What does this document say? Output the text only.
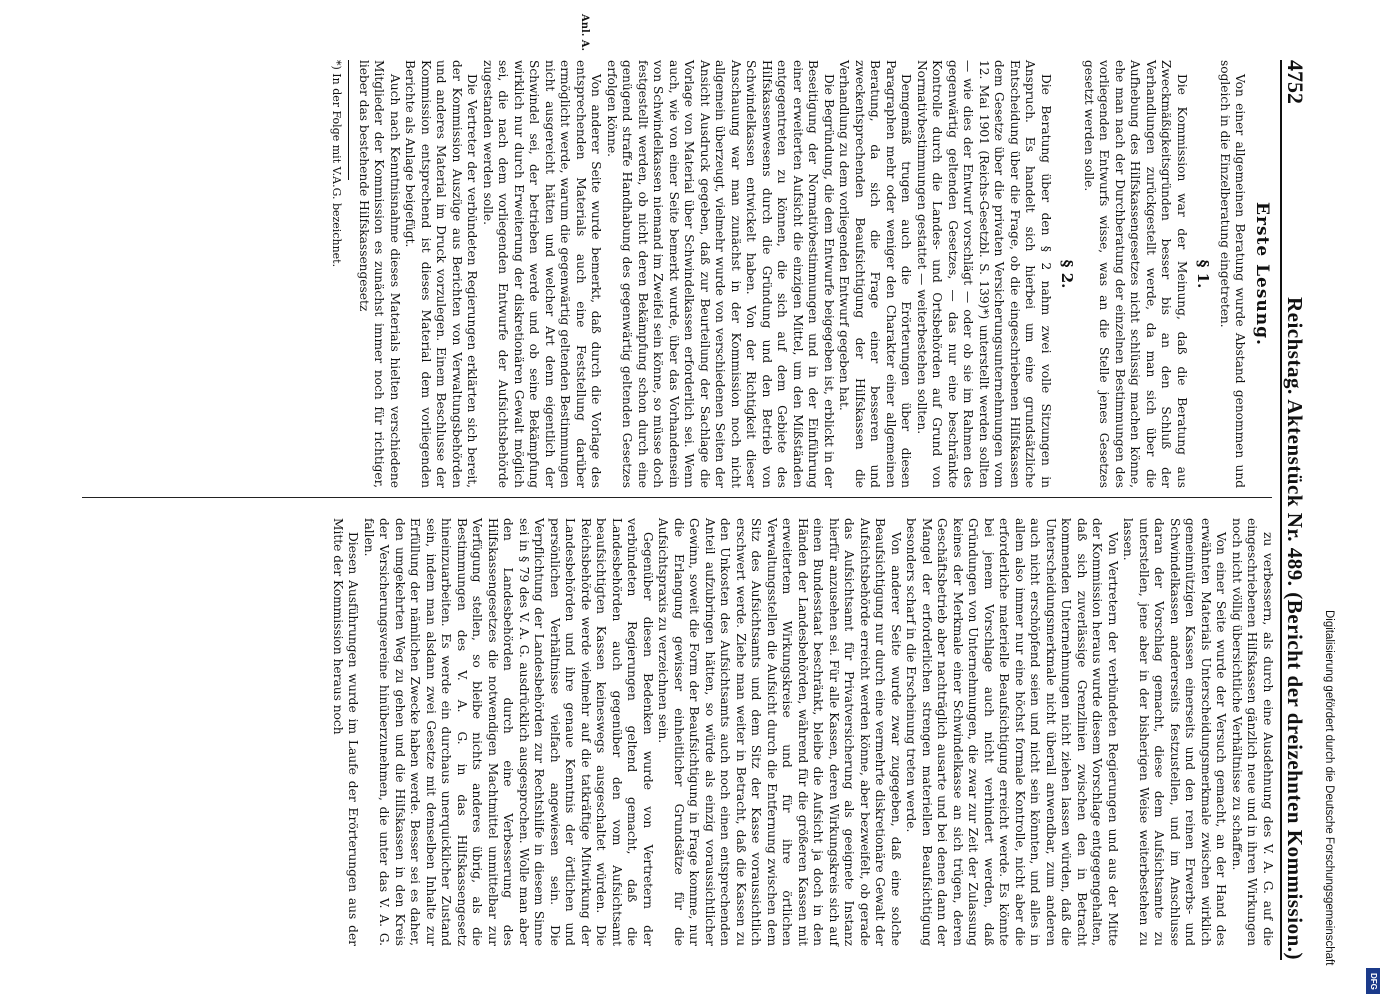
4752
Reichstag. Aktenstück Nr. 489. (Bericht der dreizehnten Kommission.)

Erste Lesung.

Von einer allgemeinen Beratung wurde Abstand genommen und sogleich in die Einzelberatung eingetreten.

§ 1.

Die Kommission war der Meinung, daß die Beratung aus Zweckmäßigkeitsgründen besser bis an den Schluß der Verhandlungen zurückgestellt werde, da man sich über die Aufhebung des Hilfskassengesetzes nicht schlüssig machen könne, ehe man nach der Durchberatung der einzelnen Bestimmungen des vorliegenden Entwurfs wisse, was an die Stelle jenes Gesetzes gesetzt werden solle.

§ 2.

Die Beratung über den § 2 nahm zwei volle Sitzungen in Anspruch. Es handelt sich hierbei um eine grundsätzliche Entscheidung über die Frage, ob die eingeschriebenen Hilfskassen dem Gesetze über die privaten Versicherungsunternehmungen vom 12. Mai 1901 (Reichs-Gesetzbl. S. 139)*) unterstellt werden sollten — wie dies der Entwurf vorschlägt — oder ob sie im Rahmen des gegenwärtig geltenden Gesetzes, — das nur eine beschränkte Kontrolle durch die Landes- und Ortsbehörden auf Grund von Normativbestimmungen gestattet — weiterbestehen sollten.

Demgemäß trugen auch die Erörterungen über diesen Paragraphen mehr oder weniger den Charakter einer allgemeinen Beratung, da sich die Frage einer besseren und zweckentsprechenden Beaufsichtigung der Hilfskassen die Verhandlung zu dem vorliegenden Entwurf gegeben hat.

Die Begründung, die dem Entwurfe beigegeben ist, erblickt in der Beseitigung der Normativbestimmungen und in der Einführung einer erweiterten Aufsicht die einzigen Mittel, um den Mißständen entgegentreten zu können, die sich auf dem Gebiete des Hilfskassenwesens durch die Gründung und den Betrieb von Schwindelkassen entwickelt haben. Von der Richtigkeit dieser Anschauung war man zunächst in der Kommission noch nicht allgemein überzeugt, vielmehr wurde von verschiedenen Seiten der Ansicht Ausdruck gegeben, daß zur Beurteilung der Sachlage die Vorlage von Material über Schwindelkassen erforderlich sei. Wenn auch, wie von einer Seite bemerkt wurde, über das Vorhandensein von Schwindelkassen niemand im Zweifel sein könne, so müsse doch festgestellt werden, ob nicht deren Bekämpfung schon durch eine genügend straffe Handhabung des gegenwärtig geltenden Gesetzes erfolgen könne.

Von anderer Seite wurde bemerkt, daß durch die Vorlage des entsprechenden Materials auch eine Feststellung darüber ermöglicht werde, warum die gegenwärtig geltenden Bestimmungen nicht ausgereicht hätten und welcher Art denn eigentlich der Schwindel sei, der betrieben werde und ob seine Bekämpfung wirklich nur durch Erweiterung der diskretionären Gewalt möglich sei, die nach dem vorliegenden Entwurfe der Aufsichtsbehörde zugestanden werden solle.

Die Vertreter der verbündeten Regierungen erklärten sich bereit, der Kommission Auszüge aus Berichten von Verwaltungsbehörden und anderes Material im Druck vorzulegen. Einem Beschlusse der Kommission entsprechend ist dieses Material dem vorliegenden Berichte als Anlage beigefügt.

Auch nach Kenntnisnahme dieses Materials hielten verschiedene Mitglieder der Kommission es zunächst immer noch für richtiger, lieber das bestehende Hilfskassengesetz

*) In der Folge mit V.A.G. bezeichnet.

Anl. A.

zu verbessern, als durch eine Ausdehnung des V. A. G. auf die eingeschriebenen Hilfskassen gänzlich neue und in ihren Wirkungen noch nicht völlig übersichtliche Verhältnisse zu schaffen.

Von einer Seite wurde der Versuch gemacht, an der Hand des erwähnten Materials Unterscheidungsmerkmale zwischen wirklich gemeinnützigen Kassen einerseits und den reinen Erwerbs- und Schwindelkassen andererseits festzustellen, und im Anschlusse daran der Vorschlag gemacht, diese dem Aufsichtsamte zu unterstellen, jene aber in der bisherigen Weise weiterbestehen zu lassen.

Von Vertretern der verbündeten Regierungen und aus der Mitte der Kommission heraus wurde diesem Vorschlage entgegengehalten, daß sich zuverlässige Grenzlinien zwischen den in Betracht kommenden Unternehmungen nicht ziehen lassen würden, daß die Unterscheidungsmerkmale nicht überall anwendbar, zum anderen auch nicht erschöpfend seien und nicht sein könnten, und alles in allem also immer nur eine höchst formale Kontrolle, nicht aber die erforderliche materielle Beaufsichtigung erreicht werde. Es könnte bei jenem Vorschlage auch nicht verhindert werden, daß Gründungen von Unternehmungen, die zwar zur Zeit der Zulassung keines der Merkmale einer Schwindelkasse an sich trügen, deren Geschäftsbetrieb aber nachträglich ausarte und bei denen dann der Mangel der erforderlichen strengen materiellen Beaufsichtigung besonders scharf in die Erscheinung treten werde.

Von anderer Seite wurde zwar zugegeben, daß eine solche Beaufsichtigung nur durch eine vermehrte diskretionäre Gewalt der Aufsichtsbehörde erreicht werden könne, aber bezweifelt, ob gerade das Aufsichtsamt für Privatversicherung als geeignete Instanz hierfür anzusehen sei. Für alle Kassen, deren Wirkungskreis sich auf einen Bundesstaat beschränkt, bleibe die Aufsicht ja doch in den Händen der Landesbehörden, während für die größeren Kassen mit erweitertem Wirkungskreise und für ihre örtlichen Verwaltungsstellen die Aufsicht durch die Entfernung zwischen dem Sitz des Aufsichtsamts und dem Sitz der Kasse voraussichtlich erschwert werde. Ziehe man weiter in Betracht, daß die Kassen zu den Unkosten des Aufsichtsamts auch noch einen entsprechenden Anteil aufzubringen hätten, so würde als einzig voraussichtlicher Gewinn, soweit die Form der Beaufsichtigung in Frage komme, nur die Erlangung gewisser einheitlicher Grundsätze für die Aufsichtspraxis zu verzeichnen sein.

Gegenüber diesen Bedenken wurde von Vertretern der verbündeten Regierungen geltend gemacht, daß die Landesbehörden auch gegenüber den vom Aufsichtsamt beaufsichtigten Kassen keineswegs ausgeschaltet würden. Die Reichsbehörde werde vielmehr auf die tatkräftige Mitwirkung der Landesbehörden und ihre genaue Kenntnis der örtlichen und persönlichen Verhältnisse vielfach angewiesen sein. Die Verpflichtung der Landesbehörden zur Rechtshilfe in diesem Sinne sei in § 79 des V. A. G. ausdrücklich ausgesprochen. Wolle man aber den Landesbehörden durch eine Verbesserung des Hilfskassengesetzes die notwendigen Machtmittel unmittelbar zur Verfügung stellen, so bleibe nichts anderes übrig, als die Bestimmungen des V. A. G. in das Hilfskassengesetz hineinzuarbeiten. Es werde ein durchaus unerquicklicher Zustand sein, indem man alsdann zwei Gesetze mit demselben Inhalte zur Erfüllung der nämlichen Zwecke haben werde. Besser sei es daher, den umgekehrten Weg zu gehen und die Hilfskassen in den Kreis der Versicherungsvereine hinüberzunehmen, die unter das V. A. G. fallen.

Diesen Ausführungen wurde im Laufe der Erörterungen aus der Mitte der Kommission heraus noch	Digitalisierung gefördert durch die Deutsche Forschungsgemeinschaft
DFG
